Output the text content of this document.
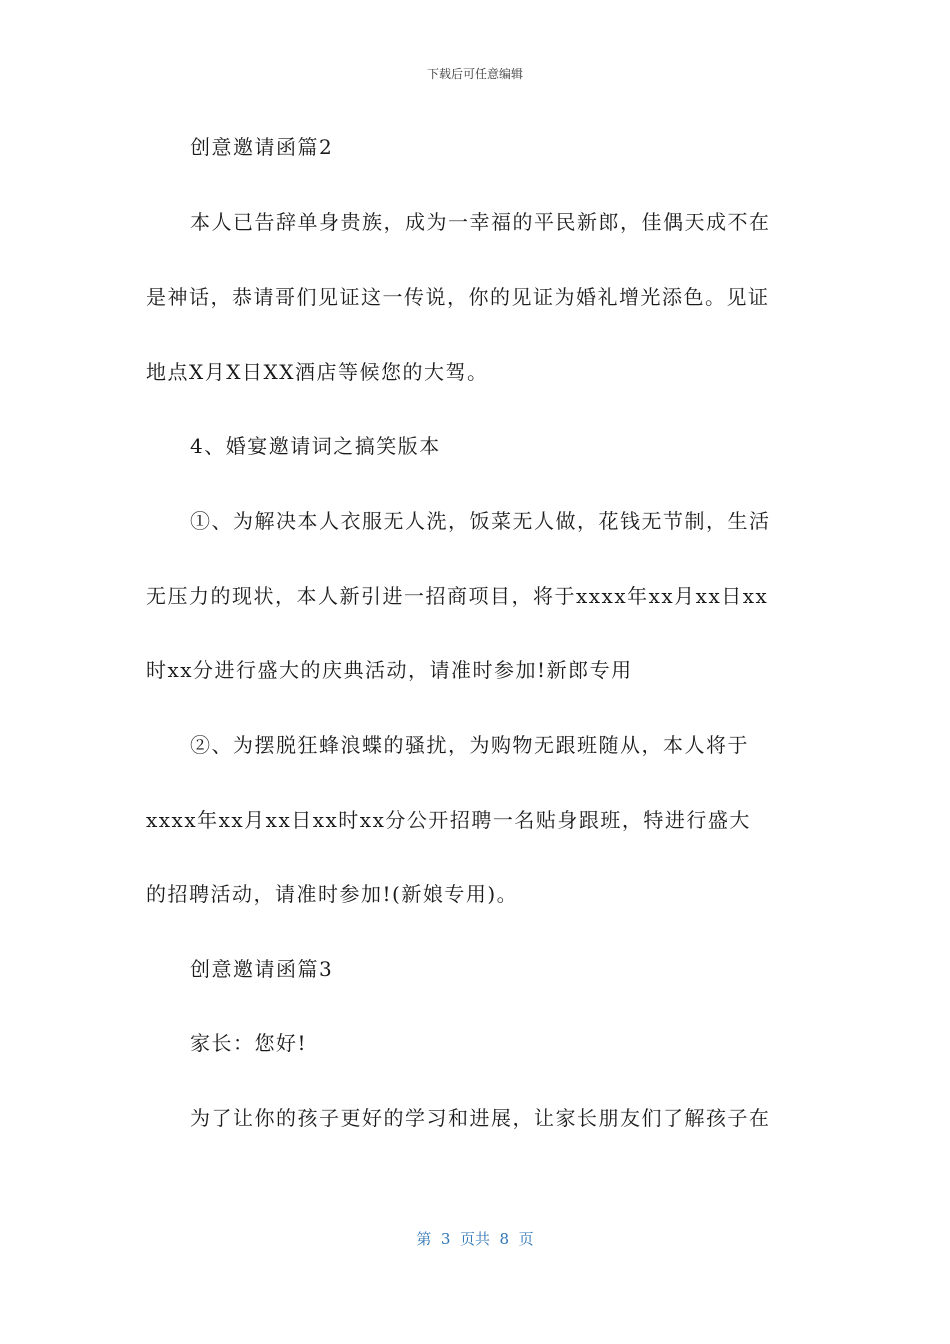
下载后可任意编辑
创意邀请函篇2
本人已告辞单身贵族，成为一幸福的平民新郎，佳偶天成不在
是神话，恭请哥们见证这一传说，你的见证为婚礼增光添色。见证
地点X月X日XX酒店等候您的大驾。
4、婚宴邀请词之搞笑版本
①、为解决本人衣服无人洗，饭菜无人做，花钱无节制，生活
无压力的现状，本人新引进一招商项目，将于xxxx年xx月xx日xx
时xx分进行盛大的庆典活动，请准时参加!新郎专用
②、为摆脱狂蜂浪蝶的骚扰，为购物无跟班随从，本人将于
xxxx年xx月xx日xx时xx分公开招聘一名贴身跟班，特进行盛大
的招聘活动，请准时参加!(新娘专用)。
创意邀请函篇3
家长：您好!
为了让你的孩子更好的学习和进展，让家长朋友们了解孩子在
第  3  页共  8  页
